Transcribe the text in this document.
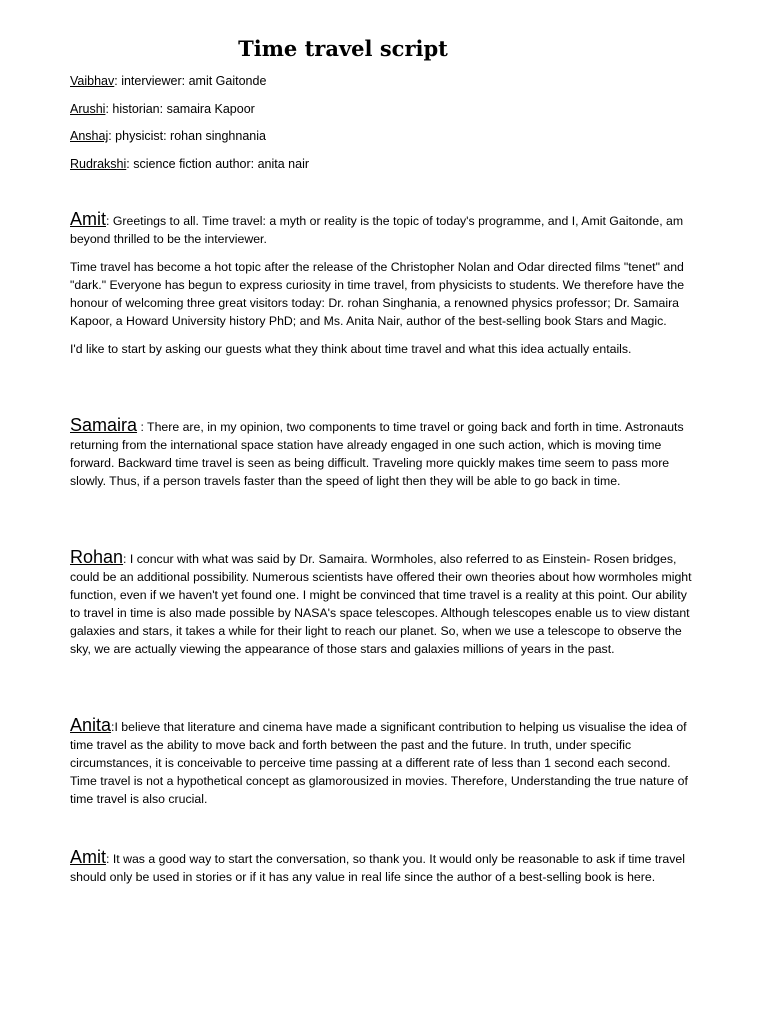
Time travel script
Vaibhav: interviewer: amit Gaitonde
Arushi: historian: samaira Kapoor
Anshaj: physicist: rohan singhnania
Rudrakshi: science fiction author: anita nair

Amit: Greetings to all. Time travel: a myth or reality is the topic of today's programme, and I, Amit Gaitonde, am beyond thrilled to be the interviewer.

Time travel has become a hot topic after the release of the Christopher Nolan and Odar directed films "tenet" and "dark." Everyone has begun to express curiosity in time travel, from physicists to students. We therefore have the honour of welcoming three great visitors today: Dr. rohan Singhania, a renowned physics professor; Dr. Samaira Kapoor, a Howard University history PhD; and Ms. Anita Nair, author of the best-selling book Stars and Magic.

I'd like to start by asking our guests what they think about time travel and what this idea actually entails.

Samaira : There are, in my opinion, two components to time travel or going back and forth in time. Astronauts returning from the international space station have already engaged in one such action, which is moving time forward. Backward time travel is seen as being difficult. Traveling more quickly makes time seem to pass more slowly. Thus, if a person travels faster than the speed of light then they will be able to go back in time.

Rohan: I concur with what was said by Dr. Samaira. Wormholes, also referred to as Einstein- Rosen bridges, could be an additional possibility. Numerous scientists have offered their own theories about how wormholes might function, even if we haven't yet found one. I might be convinced that time travel is a reality at this point. Our ability to travel in time is also made possible by NASA's space telescopes. Although telescopes enable us to view distant galaxies and stars, it takes a while for their light to reach our planet. So, when we use a telescope to observe the sky, we are actually viewing the appearance of those stars and galaxies millions of years in the past.

Anita:I believe that literature and cinema have made a significant contribution to helping us visualise the idea of time travel as the ability to move back and forth between the past and the future. In truth, under specific circumstances, it is conceivable to perceive time passing at a different rate of less than 1 second each second. Time travel is not a hypothetical concept as glamorousized in movies. Therefore, Understanding the true nature of time travel is also crucial.

Amit: It was a good way to start the conversation, so thank you. It would only be reasonable to ask if time travel should only be used in stories or if it has any value in real life since the author of a best-selling book is here.
